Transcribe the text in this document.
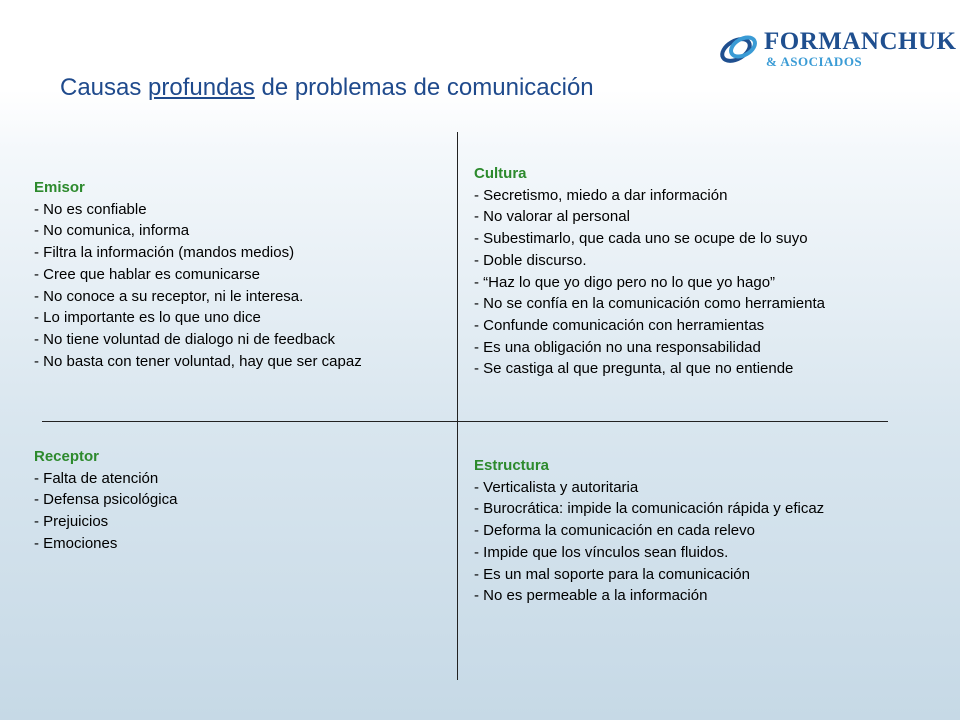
FORMANCHUK
& ASOCIADOS
Causas profundas de problemas de comunicación
Emisor
- No es confiable
- No comunica, informa
- Filtra la información (mandos medios)
- Cree que hablar es comunicarse
- No conoce a su receptor, ni le interesa.
- Lo importante es lo que uno dice
- No tiene voluntad de dialogo ni de feedback
- No basta con tener voluntad, hay que ser capaz
Cultura
- Secretismo, miedo a dar información
- No valorar al personal
- Subestimarlo, que cada uno se ocupe de lo suyo
- Doble discurso.
- “Haz lo que yo digo pero no lo que yo hago”
- No se confía en la comunicación como herramienta
- Confunde comunicación con herramientas
- Es una obligación no una responsabilidad
- Se castiga al que pregunta, al que no entiende
Receptor
- Falta de atención
- Defensa psicológica
- Prejuicios
- Emociones
Estructura
- Verticalista y autoritaria
- Burocrática: impide la comunicación rápida y eficaz
- Deforma la comunicación en cada relevo
- Impide que los vínculos sean fluidos.
- Es un mal soporte para la comunicación
- No es permeable a la información
